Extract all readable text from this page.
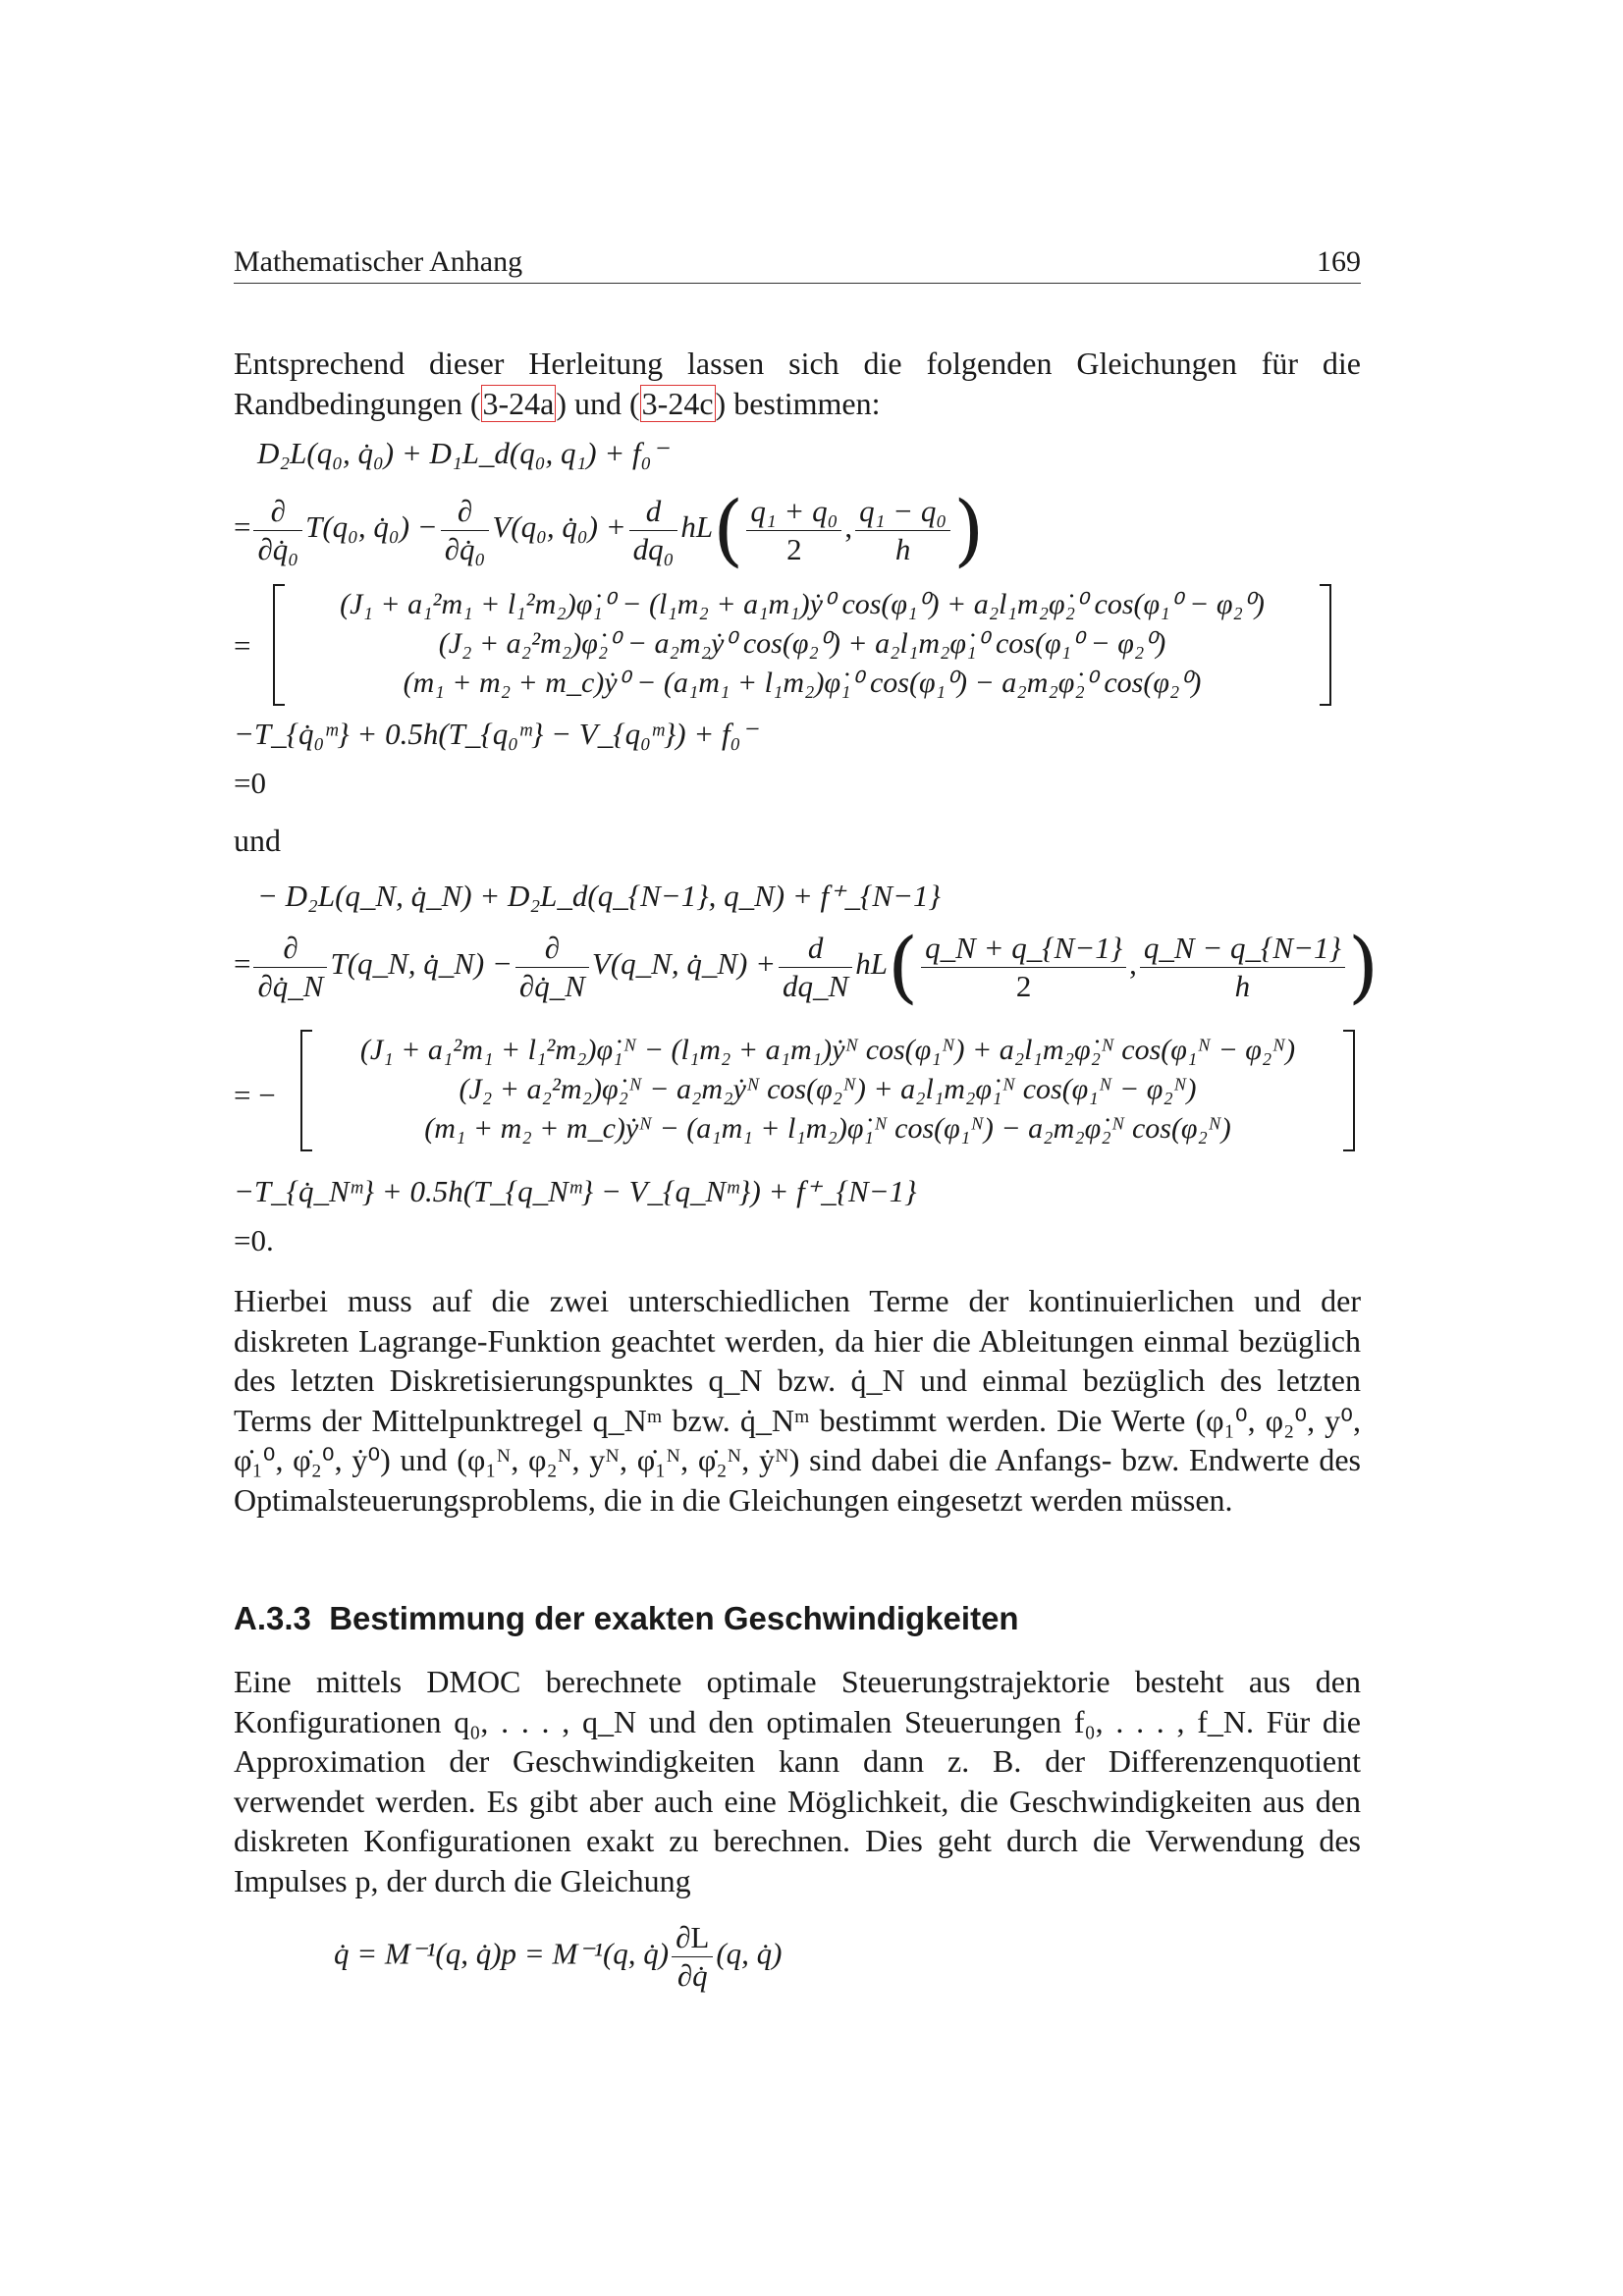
Mathematischer Anhang	169

Entsprechend dieser Herleitung lassen sich die folgenden Gleichungen für die Randbedingungen (3-24a) und (3-24c) bestimmen:

D₂L(q₀, q̇₀) + D₁L_d(q₀, q₁) + f₀⁻
= $\frac{\partial}{\text{∂q̇₀}} T(q_0$, q̇₀) − $\frac{\partial}{\text{∂q̇₀}} V(q_0$, q̇₀) + $\frac{d}{\text{dq₀}} hL( \frac{\text{q₁ + q₀}}{2}$ , $\frac{\text{q₁ − q₀}}{h}$ )
=
(J₁ + a₁²m₁ + l₁²m₂)φ̇₁⁰ − (l₁m₂ + a₁m₁)ẏ⁰ cos(φ₁⁰) + a₂l₁m₂φ̇₂⁰ cos(φ₁⁰ − φ₂⁰)
(J₂ + a₂²m₂)φ̇₂⁰ − a₂m₂ẏ⁰ cos(φ₂⁰) + a₂l₁m₂φ̇₁⁰ cos(φ₁⁰ − φ₂⁰)
(m₁ + m₂ + m_c)ẏ⁰ − (a₁m₁ + l₁m₂)φ̇₁⁰ cos(φ₁⁰) − a₂m₂φ̇₂⁰ cos(φ₂⁰)
−T_{q̇₀ᵐ} + 0.5h(T_{q₀ᵐ} − V_{q₀ᵐ}) + f₀⁻
=0
und
− D₂L(q_N, q̇_N) + D₂L_d(q_{N−1}, q_N) + f⁺_{N−1}
= $\frac{\partial}{\partial q̇\_N}$ T(q_N, q̇_N) − $\frac{\partial}{\partial q̇\_N}$ V(q_N, q̇_N) + $\frac{d}{dq\_N} hL( \frac{q\_N + q\_\{N-1\}}{2}$ , $\frac{q\_N - q\_\{N-1\}}{h}$ )
= −
(J₁ + a₁²m₁ + l₁²m₂)φ̇₁ᴺ − (l₁m₂ + a₁m₁)ẏᴺ cos(φ₁ᴺ) + a₂l₁m₂φ̇₂ᴺ cos(φ₁ᴺ − φ₂ᴺ)
(J₂ + a₂²m₂)φ̇₂ᴺ − a₂m₂ẏᴺ cos(φ₂ᴺ) + a₂l₁m₂φ̇₁ᴺ cos(φ₁ᴺ − φ₂ᴺ)
(m₁ + m₂ + m_c)ẏᴺ − (a₁m₁ + l₁m₂)φ̇₁ᴺ cos(φ₁ᴺ) − a₂m₂φ̇₂ᴺ cos(φ₂ᴺ)
−T_{q̇_Nᵐ} + 0.5h(T_{q_Nᵐ} − V_{q_Nᵐ}) + f⁺_{N−1}
=0.

Hierbei muss auf die zwei unterschiedlichen Terme der kontinuierlichen und der diskreten Lagrange-Funktion geachtet werden, da hier die Ableitungen einmal bezüglich des letzten Diskretisierungspunktes q_N bzw. q̇_N und einmal bezüglich des letzten Terms der Mittelpunktregel q_Nᵐ bzw. q̇_Nᵐ bestimmt werden. Die Werte (φ₁⁰, φ₂⁰, y⁰, φ̇₁⁰, φ̇₂⁰, ẏ⁰) und (φ₁ᴺ, φ₂ᴺ, yᴺ, φ̇₁ᴺ, φ̇₂ᴺ, ẏᴺ) sind dabei die Anfangs- bzw. Endwerte des Optimalsteuerungsproblems, die in die Gleichungen eingesetzt werden müssen.

A.3.3 Bestimmung der exakten Geschwindigkeiten

Eine mittels DMOC berechnete optimale Steuerungstrajektorie besteht aus den Konfigurationen q₀, . . . , q_N und den optimalen Steuerungen f₀, . . . , f_N. Für die Approximation der Geschwindigkeiten kann dann z. B. der Differenzenquotient verwendet werden. Es gibt aber auch eine Möglichkeit, die Geschwindigkeiten aus den diskreten Konfigurationen exakt zu berechnen. Dies geht durch die Verwendung des Impulses p, der durch die Gleichung

q̇ = M⁻¹(q, q̇)p = M⁻¹(q, q̇) $\frac{\partial L}{\partial q̇} (q$, q̇)
